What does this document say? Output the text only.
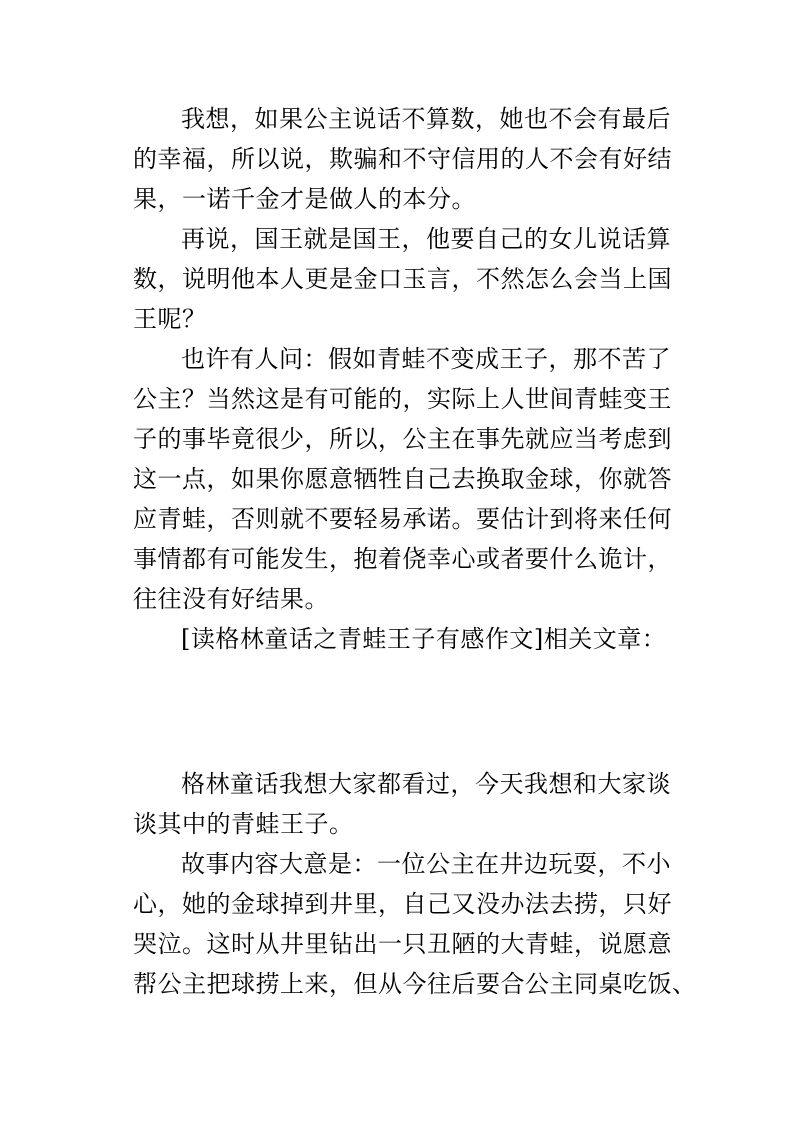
我想，如果公主说话不算数，她也不会有最后
的幸福，所以说，欺骗和不守信用的人不会有好结
果，一诺千金才是做人的本分。
再说，国王就是国王，他要自己的女儿说话算
数，说明他本人更是金口玉言，不然怎么会当上国
王呢？
也许有人问：假如青蛙不变成王子，那不苦了
公主？当然这是有可能的，实际上人世间青蛙变王
子的事毕竟很少，所以，公主在事先就应当考虑到
这一点，如果你愿意牺牲自己去换取金球，你就答
应青蛙，否则就不要轻易承诺。要估计到将来任何
事情都有可能发生，抱着侥幸心或者要什么诡计，
往往没有好结果。
[读格林童话之青蛙王子有感作文]相关文章：
格林童话我想大家都看过，今天我想和大家谈
谈其中的青蛙王子。
故事内容大意是：一位公主在井边玩耍，不小
心，她的金球掉到井里，自己又没办法去捞，只好
哭泣。这时从井里钻出一只丑陋的大青蛙，说愿意
帮公主把球捞上来，但从今往后要合公主同桌吃饭、
